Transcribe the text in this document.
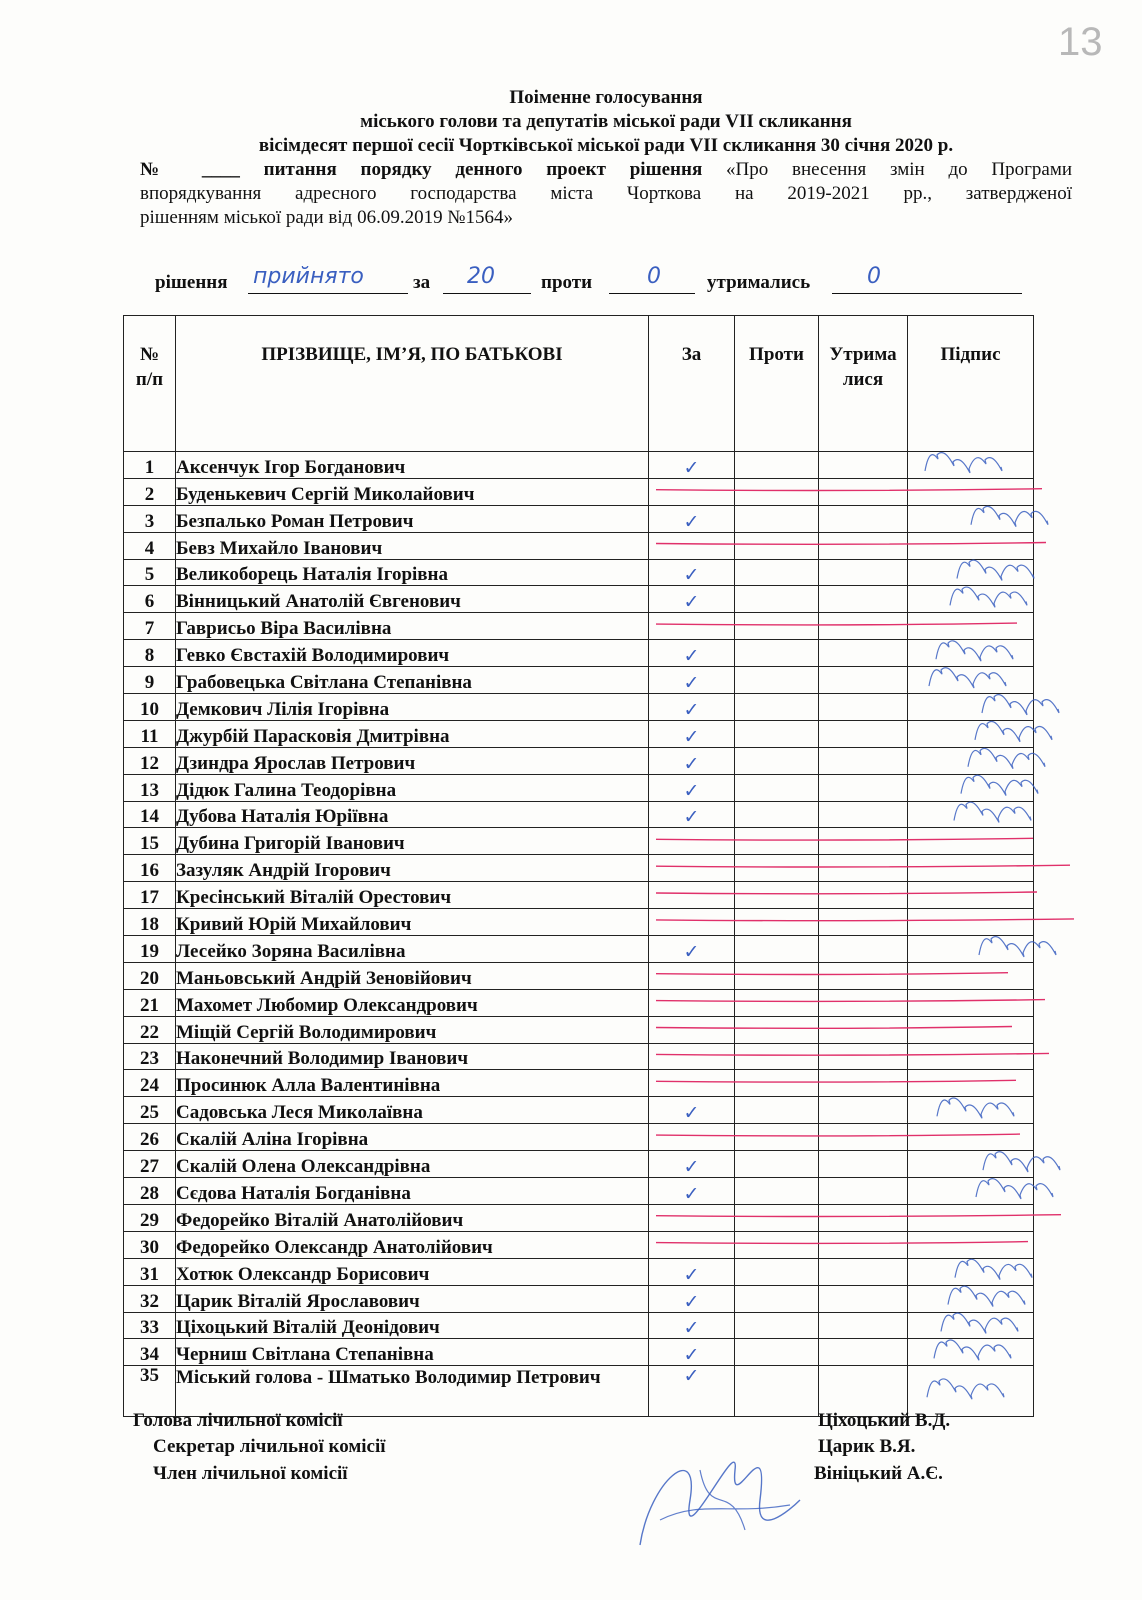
13
Поіменне голосування
міського голови та депутатів міської ради VII скликання
вісімдесят першої сесії Чортківської міської ради VII скликання 30 січня 2020 р.
№ ____ питання порядку денного проект рішення «Про внесення змін до Програми
впорядкування адресного господарства міста Чорткова на 2019-2021 рр., затвердженої
рішенням міської ради від 06.09.2019 №1564»
рішення прийнято	за 20 проти 0 утримались	0
№ п/п	ПРІЗВИЩЕ, ІМ’Я, ПО БАТЬКОВІ	За	Проти	Утрималися	Підпис
1	Аксенчук Ігор Богданович	✓			
2	Буденькевич Сергій Миколайович				
3	Безпалько Роман Петрович	✓			
4	Бевз Михайло Іванович				
5	Великоборець Наталія Ігорівна	✓			
6	Вінницький Анатолій Євгенович	✓			
7	Гаврисьо Віра Василівна				
8	Гевко Євстахій Володимирович	✓			
9	Грабовецька Світлана Степанівна	✓			
10	Демкович Лілія Ігорівна	✓			
11	Джурбій Парасковія Дмитрівна	✓			
12	Дзиндра Ярослав Петрович	✓			
13	Дідюк Галина Теодорівна	✓			
14	Дубова Наталія Юріївна	✓			
15	Дубина Григорій Іванович				
16	Зазуляк Андрій Ігорович				
17	Кресінський Віталій Орестович				
18	Кривий Юрій Михайлович				
19	Лесейко Зоряна Василівна	✓			
20	Маньовський Андрій Зеновійович				
21	Махомет Любомир Олександрович				
22	Міщій Сергій Володимирович				
23	Наконечний Володимир Іванович				
24	Просинюк Алла Валентинівна				
25	Садовська Леся Миколаївна	✓			
26	Скалій Аліна Ігорівна				
27	Скалій Олена Олександрівна	✓			
28	Сєдова Наталія Богданівна	✓			
29	Федорейко Віталій Анатолійович				
30	Федорейко Олександр Анатолійович				
31	Хотюк Олександр Борисович	✓			
32	Царик Віталій Ярославович	✓			
33	Ціхоцький Віталій Деонідович	✓			
34	Черниш Світлана Степанівна	✓			
35	Міський голова - Шматько Володимир Петрович	✓			
Голова лічильної комісії
Секретар лічильної комісії
Член лічильної комісії
Ціхоцький В.Д.
Царик В.Я.
Вініцький А.Є.
